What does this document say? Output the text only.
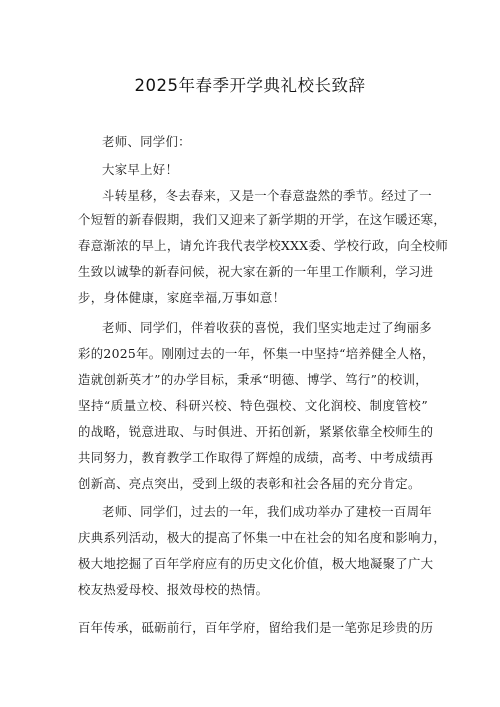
2025年春季开学典礼校长致辞
老师、同学们：
大家早上好！
斗转星移，冬去春来，又是一个春意盎然的季节。经过了一
个短暂的新春假期，我们又迎来了新学期的开学，在这乍暖还寒，
春意渐浓的早上，请允许我代表学校XXX委、学校行政，向全校师
生致以诚挚的新春问候，祝大家在新的一年里工作顺利，学习进
步，身体健康，家庭幸福,万事如意！
老师、同学们，伴着收获的喜悦，我们坚实地走过了绚丽多
彩的2025年。刚刚过去的一年，怀集一中坚持“培养健全人格，
造就创新英才”的办学目标，秉承“明德、博学、笃行”的校训，
坚持“质量立校、科研兴校、特色强校、文化润校、制度管校”
的战略，锐意进取、与时俱进、开拓创新，紧紧依靠全校师生的
共同努力，教育教学工作取得了辉煌的成绩，高考、中考成绩再
创新高、亮点突出，受到上级的表彰和社会各届的充分肯定。
老师、同学们，过去的一年，我们成功举办了建校一百周年
庆典系列活动，极大的提高了怀集一中在社会的知名度和影响力，
极大地挖掘了百年学府应有的历史文化价值，极大地凝聚了广大
校友热爱母校、报效母校的热情。
百年传承，砥砺前行，百年学府，留给我们是一笔弥足珍贵的历
